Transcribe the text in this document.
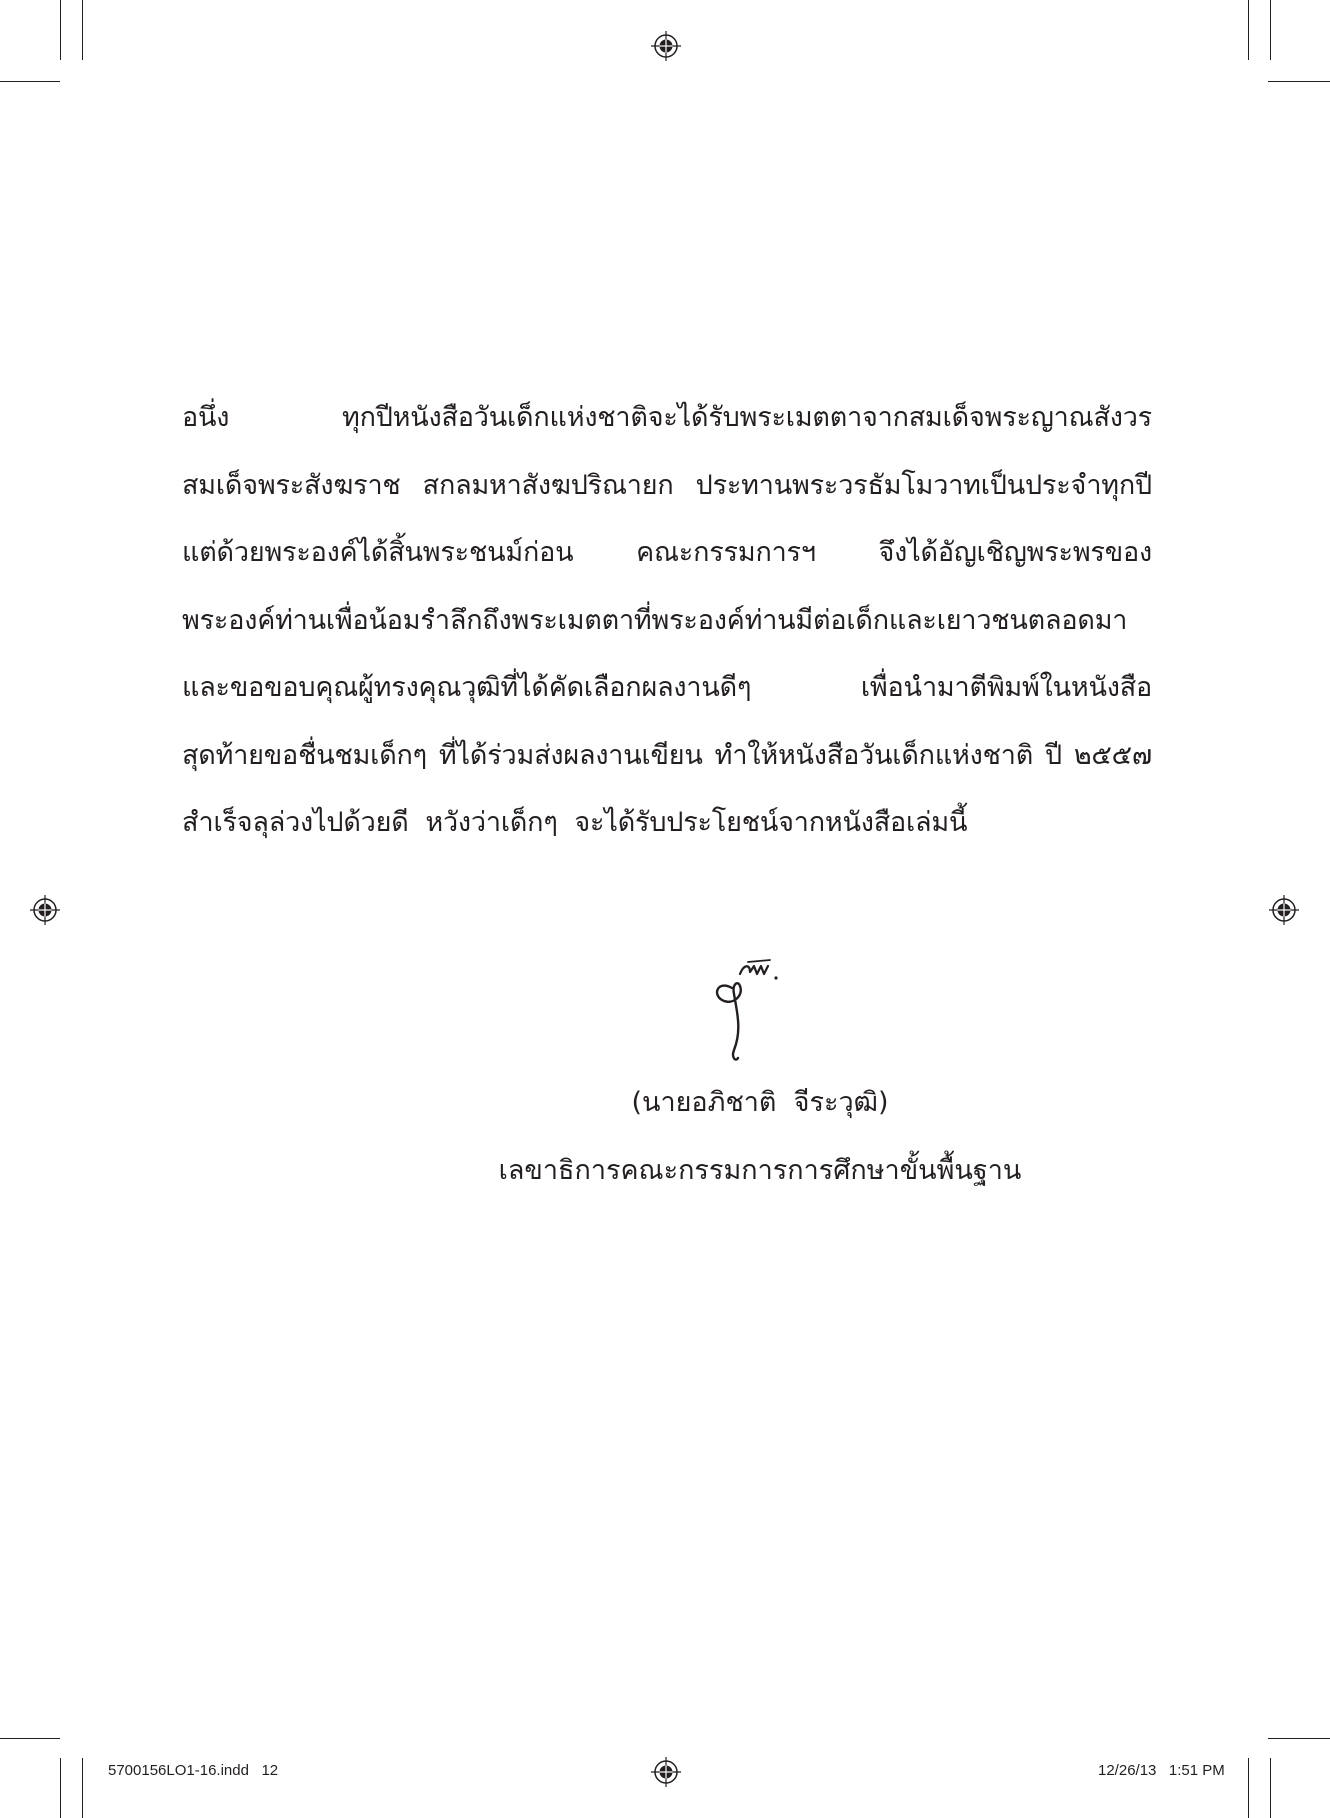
อนึ่ง ทุกปีหนังสือวันเด็กแห่งชาติจะได้รับพระเมตตาจากสมเด็จพระญาณสังวร
สมเด็จพระสังฆราช สกลมหาสังฆปริณายก ประทานพระวรธัมโมวาทเป็นประจำทุกปี
แต่ด้วยพระองค์ได้สิ้นพระชนม์ก่อน คณะกรรมการฯ จึงได้อัญเชิญพระพรของ
พระองค์ท่านเพื่อน้อมรำลึกถึงพระเมตตาที่พระองค์ท่านมีต่อเด็กและเยาวชนตลอดมา
และขอขอบคุณผู้ทรงคุณวุฒิที่ได้คัดเลือกผลงานดีๆ เพื่อนำมาตีพิมพ์ในหนังสือ
สุดท้ายขอชื่นชมเด็กๆ ที่ได้ร่วมส่งผลงานเขียน ทำให้หนังสือวันเด็กแห่งชาติ ปี ๒๕๕๗
สำเร็จลุล่วงไปด้วยดี  หวังว่าเด็กๆ  จะได้รับประโยชน์จากหนังสือเล่มนี้
(นายอภิชาติ  จีระวุฒิ)
เลขาธิการคณะกรรมการการศึกษาขั้นพื้นฐาน
5700156LO1-16.indd   12	12/26/13   1:51 PM
